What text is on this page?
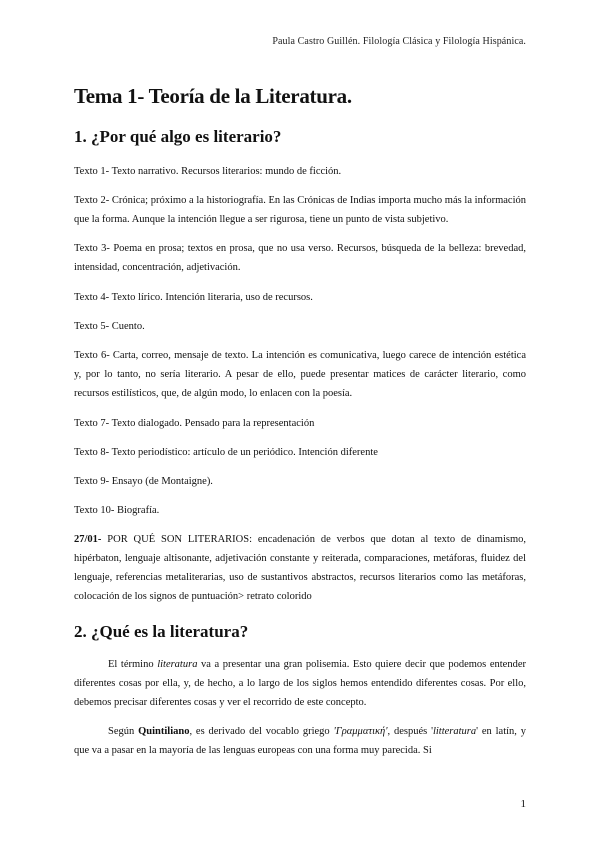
Paula Castro Guillén. Filología Clásica y Filología Hispánica.
Tema 1- Teoría de la Literatura.
1. ¿Por qué algo es literario?

Texto 1- Texto narrativo. Recursos literarios: mundo de ficción.

Texto 2- Crónica; próximo a la historiografía. En las Crónicas de Indias importa mucho más la información que la forma. Aunque la intención llegue a ser rigurosa, tiene un punto de vista subjetivo.

Texto 3- Poema en prosa; textos en prosa, que no usa verso. Recursos, búsqueda de la belleza: brevedad, intensidad, concentración, adjetivación.

Texto 4- Texto lírico. Intención literaria, uso de recursos.

Texto 5- Cuento.

Texto 6- Carta, correo, mensaje de texto. La intención es comunicativa, luego carece de intención estética y, por lo tanto, no sería literario. A pesar de ello, puede presentar matices de carácter literario, como recursos estilísticos, que, de algún modo, lo enlacen con la poesía.

Texto 7- Texto dialogado. Pensado para la representación

Texto 8- Texto periodístico: artículo de un periódico. Intención diferente

Texto 9- Ensayo (de Montaigne).

Texto 10- Biografía.

27/01- POR QUÉ SON LITERARIOS: encadenación de verbos que dotan al texto de dinamismo, hipérbaton, lenguaje altisonante, adjetivación constante y reiterada, comparaciones, metáforas, fluidez del lenguaje, referencias metaliterarias, uso de sustantivos abstractos, recursos literarios como las metáforas, colocación de los signos de puntuación> retrato colorido

2. ¿Qué es la literatura?

El término literatura va a presentar una gran polisemia. Esto quiere decir que podemos entender diferentes cosas por ella, y, de hecho, a lo largo de los siglos hemos entendido diferentes cosas. Por ello, debemos precisar diferentes cosas y ver el recorrido de este concepto.

Según Quintiliano, es derivado del vocablo griego 'Γραμματική', después 'litteratura' en latín, y que va a pasar en la mayoría de las lenguas europeas con una forma muy parecida. Si

1
